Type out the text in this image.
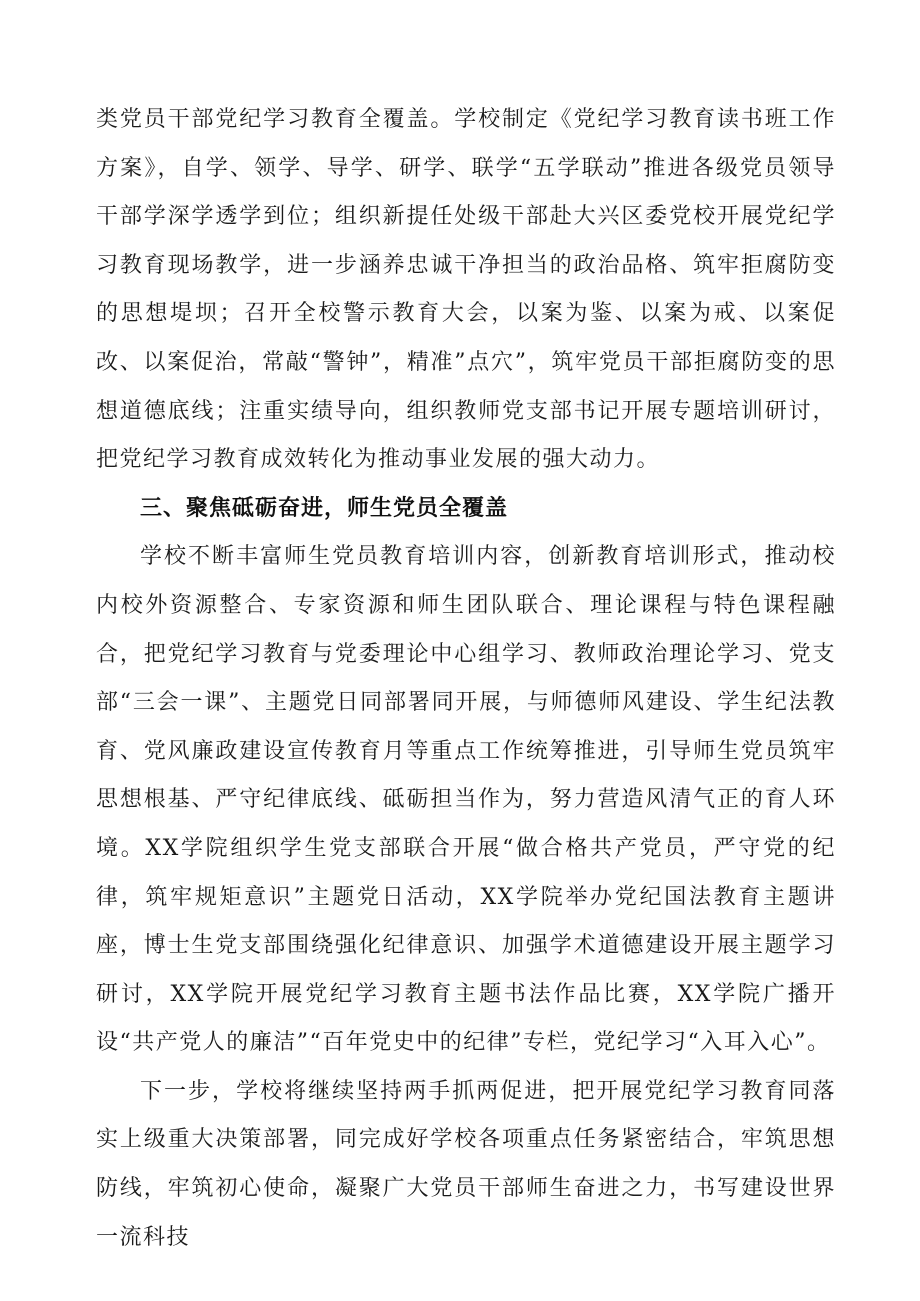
类党员干部党纪学习教育全覆盖。学校制定《党纪学习教育读书班工作方案》，自学、领学、导学、研学、联学“五学联动”推进各级党员领导干部学深学透学到位；组织新提任处级干部赴大兴区委党校开展党纪学习教育现场教学，进一步涵养忠诚干净担当的政治品格、筑牢拒腐防变的思想堤坝；召开全校警示教育大会，以案为鉴、以案为戒、以案促改、以案促治，常敲“警钟”，精准”点穴”，筑牢党员干部拒腐防变的思想道德底线；注重实绩导向，组织教师党支部书记开展专题培训研讨，把党纪学习教育成效转化为推动事业发展的强大动力。

三、聚焦砥砺奋进，师生党员全覆盖

学校不断丰富师生党员教育培训内容，创新教育培训形式，推动校内校外资源整合、专家资源和师生团队联合、理论课程与特色课程融合，把党纪学习教育与党委理论中心组学习、教师政治理论学习、党支部“三会一课”、主题党日同部署同开展，与师德师风建设、学生纪法教育、党风廉政建设宣传教育月等重点工作统筹推进，引导师生党员筑牢思想根基、严守纪律底线、砥砺担当作为，努力营造风清气正的育人环境。XX学院组织学生党支部联合开展“做合格共产党员，严守党的纪律，筑牢规矩意识”主题党日活动，XX学院举办党纪国法教育主题讲座，博士生党支部围绕强化纪律意识、加强学术道德建设开展主题学习研讨，XX学院开展党纪学习教育主题书法作品比赛，XX学院广播开设“共产党人的廉洁”“百年党史中的纪律”专栏，党纪学习“入耳入心”。

下一步，学校将继续坚持两手抓两促进，把开展党纪学习教育同落实上级重大决策部署，同完成好学校各项重点任务紧密结合，牢筑思想防线，牢筑初心使命，凝聚广大党员干部师生奋进之力，书写建设世界一流科技
